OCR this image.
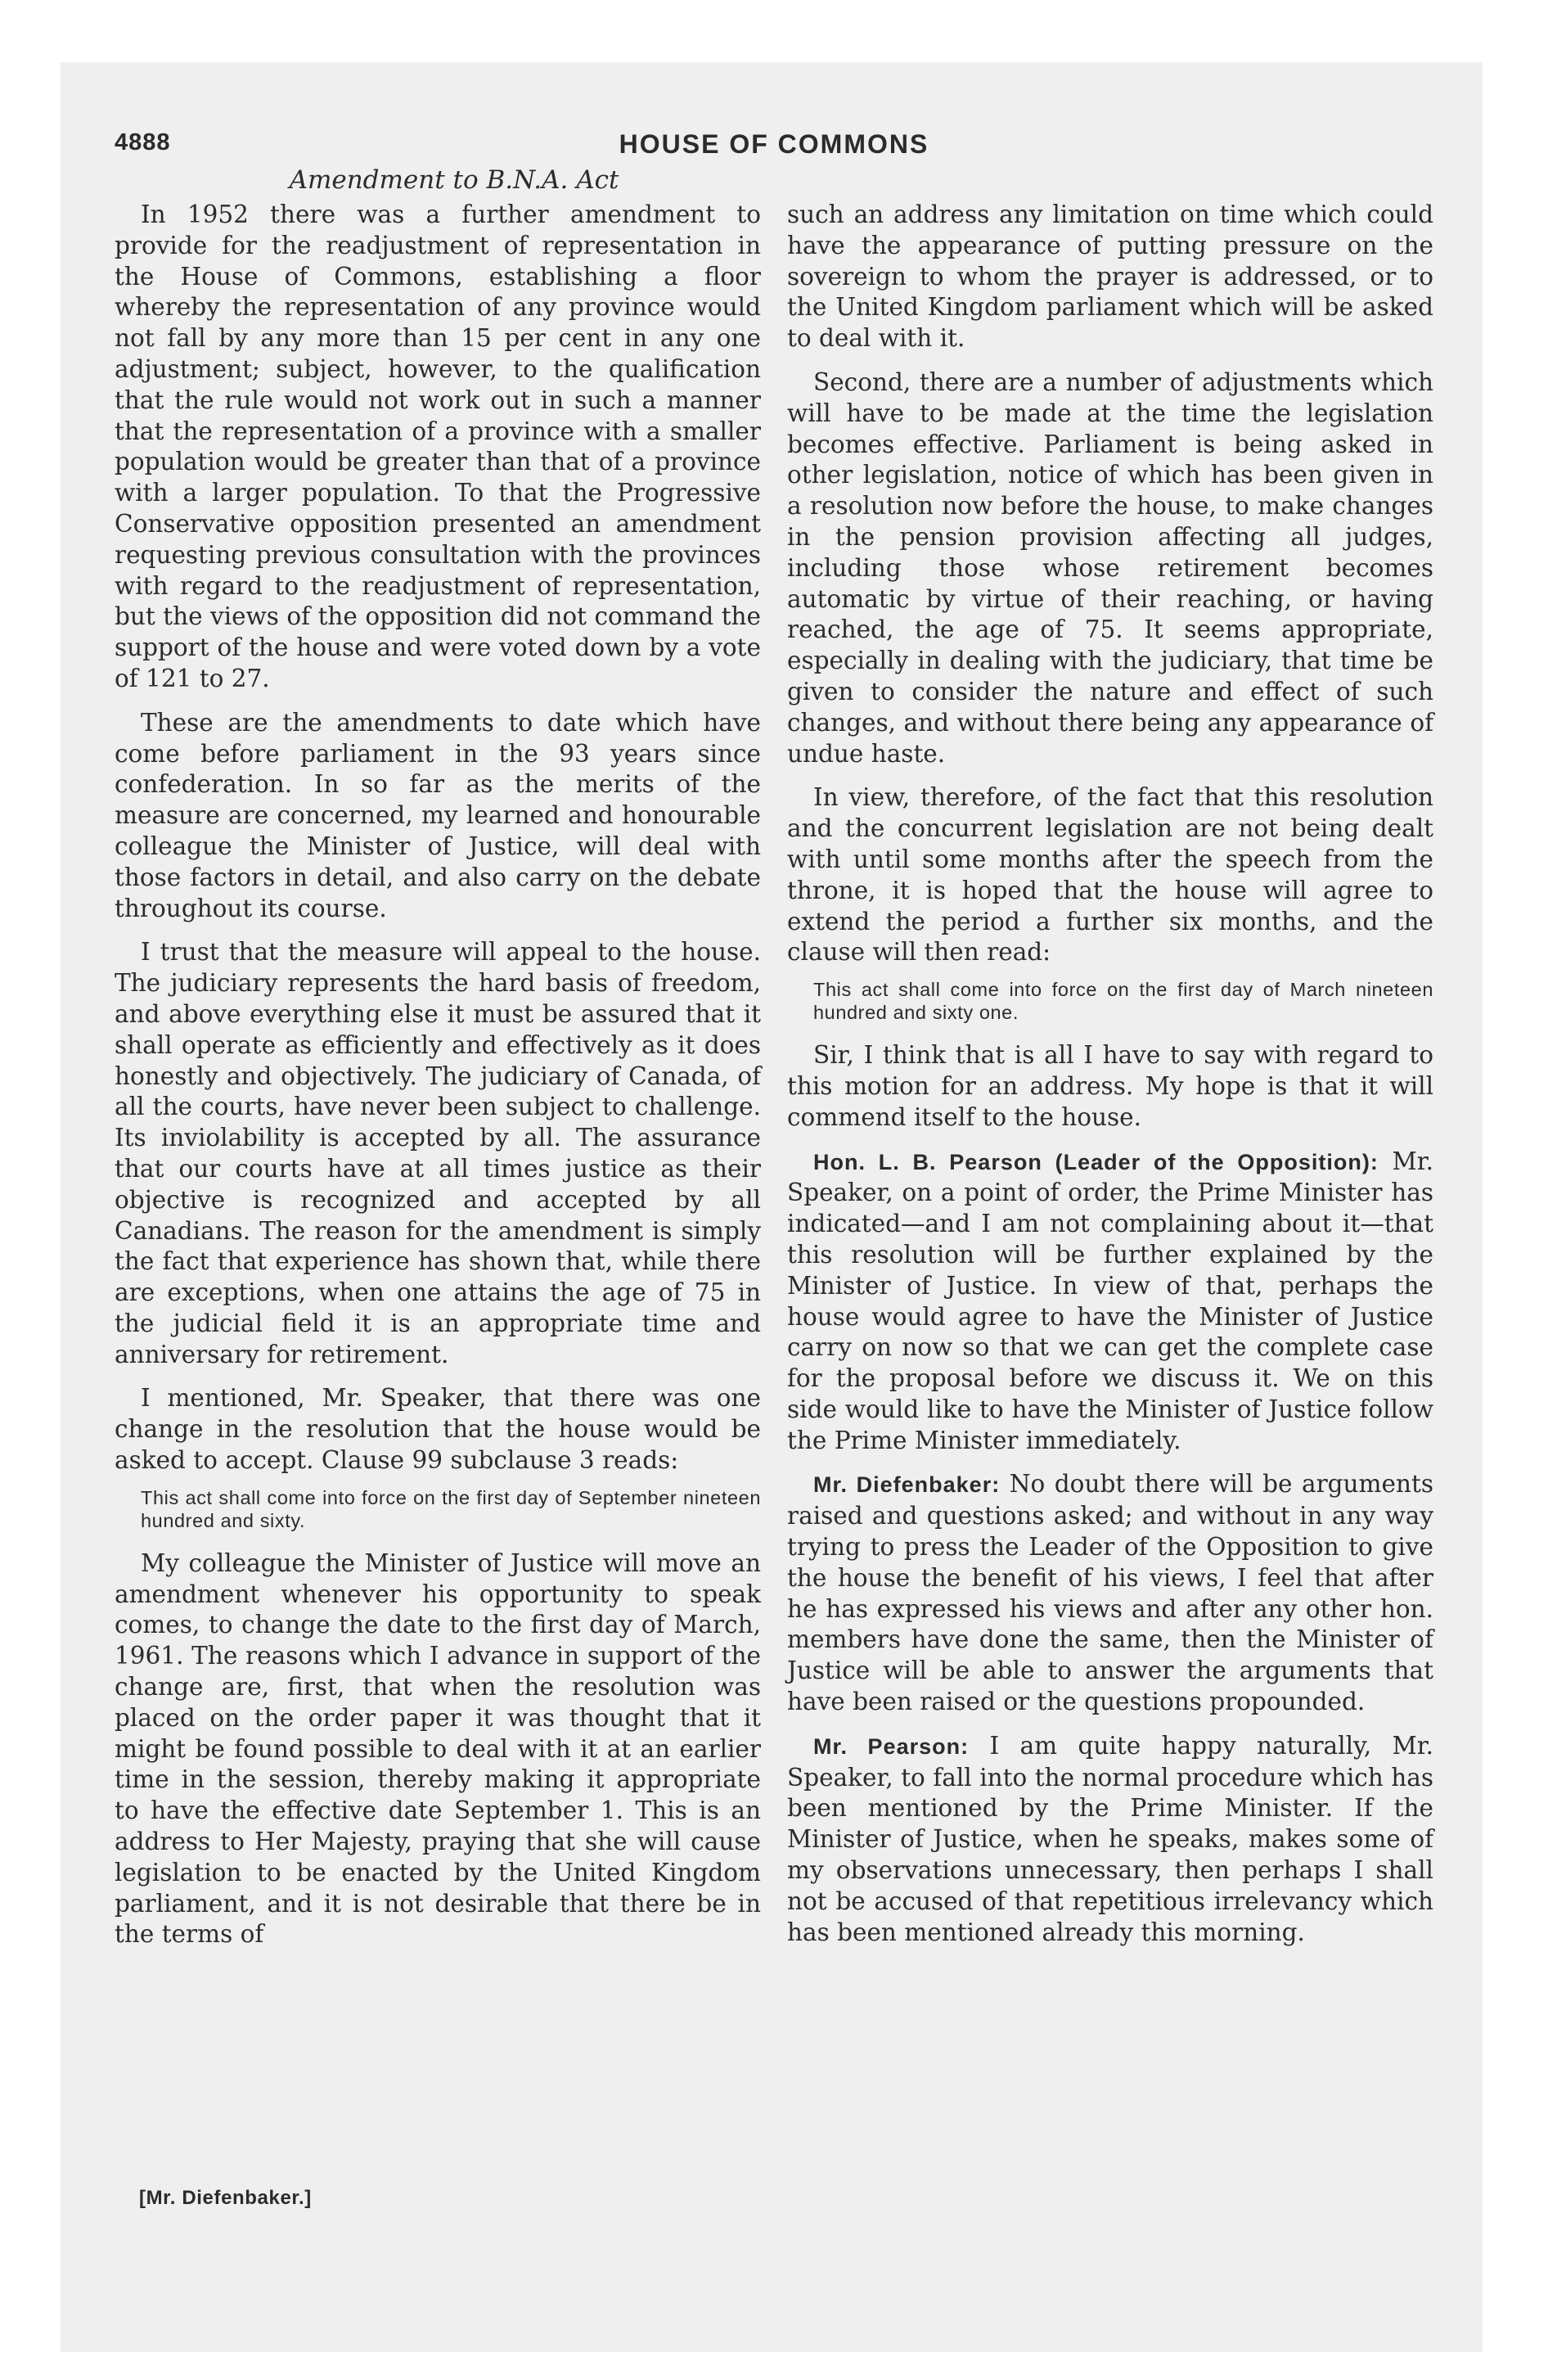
4888	HOUSE OF COMMONS
Amendment to B.N.A. Act

In 1952 there was a further amendment to provide for the readjustment of representation in the House of Commons, establishing a floor whereby the representation of any province would not fall by any more than 15 per cent in any one adjustment; subject, however, to the qualification that the rule would not work out in such a manner that the representation of a province with a smaller population would be greater than that of a province with a larger population. To that the Progressive Conservative opposition presented an amendment requesting previous consultation with the provinces with regard to the readjustment of representation, but the views of the opposition did not command the support of the house and were voted down by a vote of 121 to 27.

These are the amendments to date which have come before parliament in the 93 years since confederation. In so far as the merits of the measure are concerned, my learned and honourable colleague the Minister of Justice, will deal with those factors in detail, and also carry on the debate throughout its course.

I trust that the measure will appeal to the house. The judiciary represents the hard basis of freedom, and above everything else it must be assured that it shall operate as efficiently and effectively as it does honestly and objectively. The judiciary of Canada, of all the courts, have never been subject to challenge. Its inviolability is accepted by all. The assurance that our courts have at all times justice as their objective is recognized and accepted by all Canadians. The reason for the amendment is simply the fact that experience has shown that, while there are exceptions, when one attains the age of 75 in the judicial field it is an appropriate time and anniversary for retirement.

I mentioned, Mr. Speaker, that there was one change in the resolution that the house would be asked to accept. Clause 99 subclause 3 reads:

This act shall come into force on the first day of September nineteen hundred and sixty.

My colleague the Minister of Justice will move an amendment whenever his opportunity to speak comes, to change the date to the first day of March, 1961. The reasons which I advance in support of the change are, first, that when the resolution was placed on the order paper it was thought that it might be found possible to deal with it at an earlier time in the session, thereby making it appropriate to have the effective date September 1. This is an address to Her Majesty, praying that she will cause legislation to be enacted by the United Kingdom parliament, and it is not desirable that there be in the terms of

such an address any limitation on time which could have the appearance of putting pressure on the sovereign to whom the prayer is addressed, or to the United Kingdom parliament which will be asked to deal with it.

Second, there are a number of adjustments which will have to be made at the time the legislation becomes effective. Parliament is being asked in other legislation, notice of which has been given in a resolution now before the house, to make changes in the pension provision affecting all judges, including those whose retirement becomes automatic by virtue of their reaching, or having reached, the age of 75. It seems appropriate, especially in dealing with the judiciary, that time be given to consider the nature and effect of such changes, and without there being any appearance of undue haste.

In view, therefore, of the fact that this resolution and the concurrent legislation are not being dealt with until some months after the speech from the throne, it is hoped that the house will agree to extend the period a further six months, and the clause will then read:

This act shall come into force on the first day of March nineteen hundred and sixty one.

Sir, I think that is all I have to say with regard to this motion for an address. My hope is that it will commend itself to the house.

Hon. L. B. Pearson (Leader of the Opposition): Mr. Speaker, on a point of order, the Prime Minister has indicated—and I am not complaining about it—that this resolution will be further explained by the Minister of Justice. In view of that, perhaps the house would agree to have the Minister of Justice carry on now so that we can get the complete case for the proposal before we discuss it. We on this side would like to have the Minister of Justice follow the Prime Minister immediately.

Mr. Diefenbaker: No doubt there will be arguments raised and questions asked; and without in any way trying to press the Leader of the Opposition to give the house the benefit of his views, I feel that after he has expressed his views and after any other hon. members have done the same, then the Minister of Justice will be able to answer the arguments that have been raised or the questions propounded.

Mr. Pearson: I am quite happy naturally, Mr. Speaker, to fall into the normal procedure which has been mentioned by the Prime Minister. If the Minister of Justice, when he speaks, makes some of my observations unnecessary, then perhaps I shall not be accused of that repetitious irrelevancy which has been mentioned already this morning.

[Mr. Diefenbaker.]
